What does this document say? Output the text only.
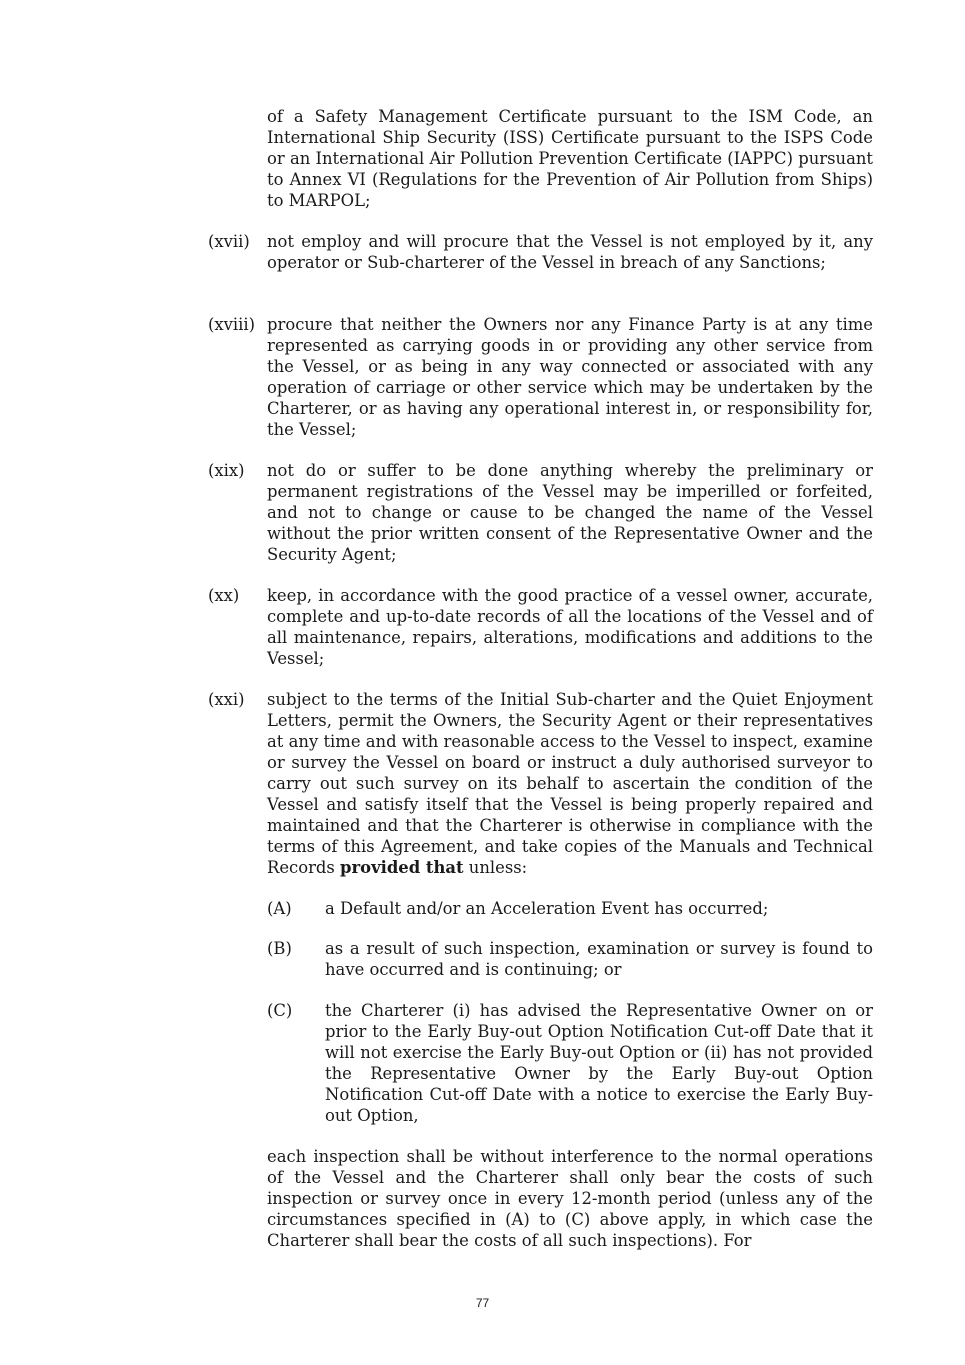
of a Safety Management Certificate pursuant to the ISM Code, an International Ship Security (ISS) Certificate pursuant to the ISPS Code or an International Air Pollution Prevention Certificate (IAPPC) pursuant to Annex VI (Regulations for the Prevention of Air Pollution from Ships) to MARPOL;

(xvii) not employ and will procure that the Vessel is not employed by it, any operator or Sub-charterer of the Vessel in breach of any Sanctions;

(xviii) procure that neither the Owners nor any Finance Party is at any time represented as carrying goods in or providing any other service from the Vessel, or as being in any way connected or associated with any operation of carriage or other service which may be undertaken by the Charterer, or as having any operational interest in, or responsibility for, the Vessel;

(xix) not do or suffer to be done anything whereby the preliminary or permanent registrations of the Vessel may be imperilled or forfeited, and not to change or cause to be changed the name of the Vessel without the prior written consent of the Representative Owner and the Security Agent;

(xx) keep, in accordance with the good practice of a vessel owner, accurate, complete and up-to-date records of all the locations of the Vessel and of all maintenance, repairs, alterations, modifications and additions to the Vessel;

(xxi) subject to the terms of the Initial Sub-charter and the Quiet Enjoyment Letters, permit the Owners, the Security Agent or their representatives at any time and with reasonable access to the Vessel to inspect, examine or survey the Vessel on board or instruct a duly authorised surveyor to carry out such survey on its behalf to ascertain the condition of the Vessel and satisfy itself that the Vessel is being properly repaired and maintained and that the Charterer is otherwise in compliance with the terms of this Agreement, and take copies of the Manuals and Technical Records provided that unless:

(A) a Default and/or an Acceleration Event has occurred;

(B) as a result of such inspection, examination or survey is found to have occurred and is continuing; or

(C) the Charterer (i) has advised the Representative Owner on or prior to the Early Buy-out Option Notification Cut-off Date that it will not exercise the Early Buy-out Option or (ii) has not provided the Representative Owner by the Early Buy-out Option Notification Cut-off Date with a notice to exercise the Early Buy-out Option,

each inspection shall be without interference to the normal operations of the Vessel and the Charterer shall only bear the costs of such inspection or survey once in every 12-month period (unless any of the circumstances specified in (A) to (C) above apply, in which case the Charterer shall bear the costs of all such inspections). For

77
